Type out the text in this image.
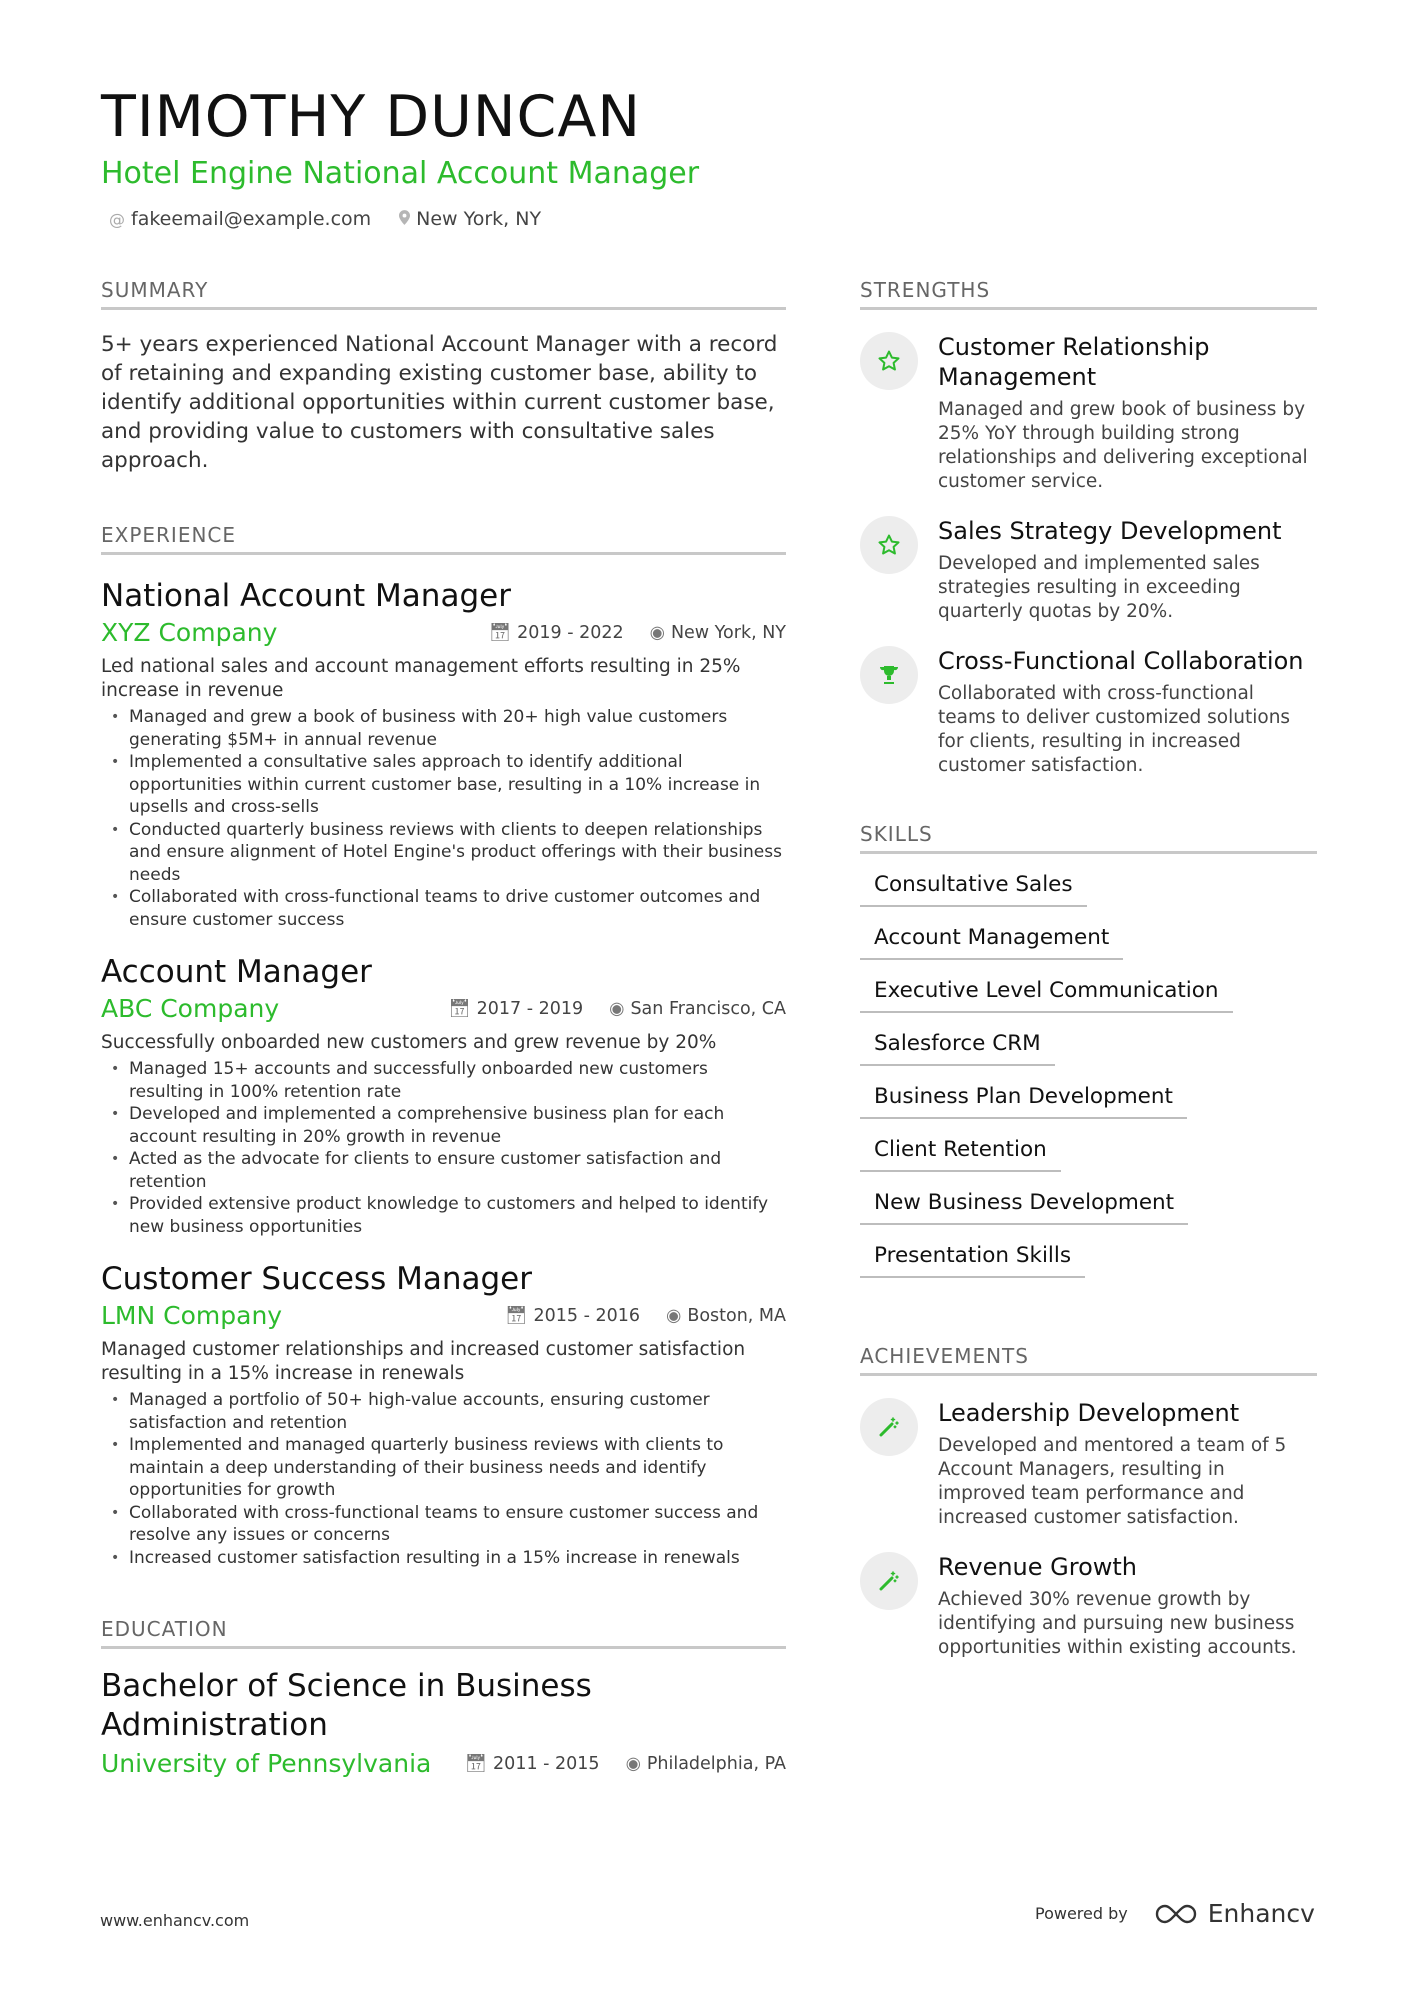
TIMOTHY DUNCAN
Hotel Engine National Account Manager
@ fakeemail@example.com New York, NY
SUMMARY

5+ years experienced National Account Manager with a record of retaining and expanding existing customer base, ability to identify additional opportunities within current customer base, and providing value to customers with consultative sales approach.

EXPERIENCE
National Account Manager
XYZ Company	📅︎ 2019 - 2022 ◉ New York, NY
Led national sales and account management efforts resulting in 25% increase in revenue
• Managed and grew a book of business with 20+ high value customers generating $5M+ in annual revenue
• Implemented a consultative sales approach to identify additional opportunities within current customer base, resulting in a 10% increase in upsells and cross-sells
• Conducted quarterly business reviews with clients to deepen relationships and ensure alignment of Hotel Engine's product offerings with their business needs
• Collaborated with cross-functional teams to drive customer outcomes and ensure customer success
Account Manager
ABC Company	📅︎ 2017 - 2019 ◉ San Francisco, CA
Successfully onboarded new customers and grew revenue by 20%
• Managed 15+ accounts and successfully onboarded new customers resulting in 100% retention rate
• Developed and implemented a comprehensive business plan for each account resulting in 20% growth in revenue
• Acted as the advocate for clients to ensure customer satisfaction and retention
• Provided extensive product knowledge to customers and helped to identify new business opportunities
Customer Success Manager
LMN Company	📅︎ 2015 - 2016 ◉ Boston, MA
Managed customer relationships and increased customer satisfaction resulting in a 15% increase in renewals
• Managed a portfolio of 50+ high-value accounts, ensuring customer satisfaction and retention
• Implemented and managed quarterly business reviews with clients to maintain a deep understanding of their business needs and identify opportunities for growth
• Collaborated with cross-functional teams to ensure customer success and resolve any issues or concerns
• Increased customer satisfaction resulting in a 15% increase in renewals
EDUCATION
Bachelor of Science in Business Administration
University of Pennsylvania 📅︎ 2011 - 2015 ◉ Philadelphia, PA
STRENGTHS
Customer Relationship Management
Managed and grew book of business by 25% YoY through building strong relationships and delivering exceptional customer service.
Sales Strategy Development
Developed and implemented sales strategies resulting in exceeding quarterly quotas by 20%.
Cross-Functional Collaboration
Collaborated with cross-functional teams to deliver customized solutions for clients, resulting in increased customer satisfaction.
SKILLS
Consultative Sales
Account Management
Executive Level Communication
Salesforce CRM
Business Plan Development
Client Retention
New Business Development
Presentation Skills
ACHIEVEMENTS
Leadership Development
Developed and mentored a team of 5 Account Managers, resulting in improved team performance and increased customer satisfaction.
Revenue Growth
Achieved 30% revenue growth by identifying and pursuing new business opportunities within existing accounts.
www.enhancv.com	Powered by	Enhancv
